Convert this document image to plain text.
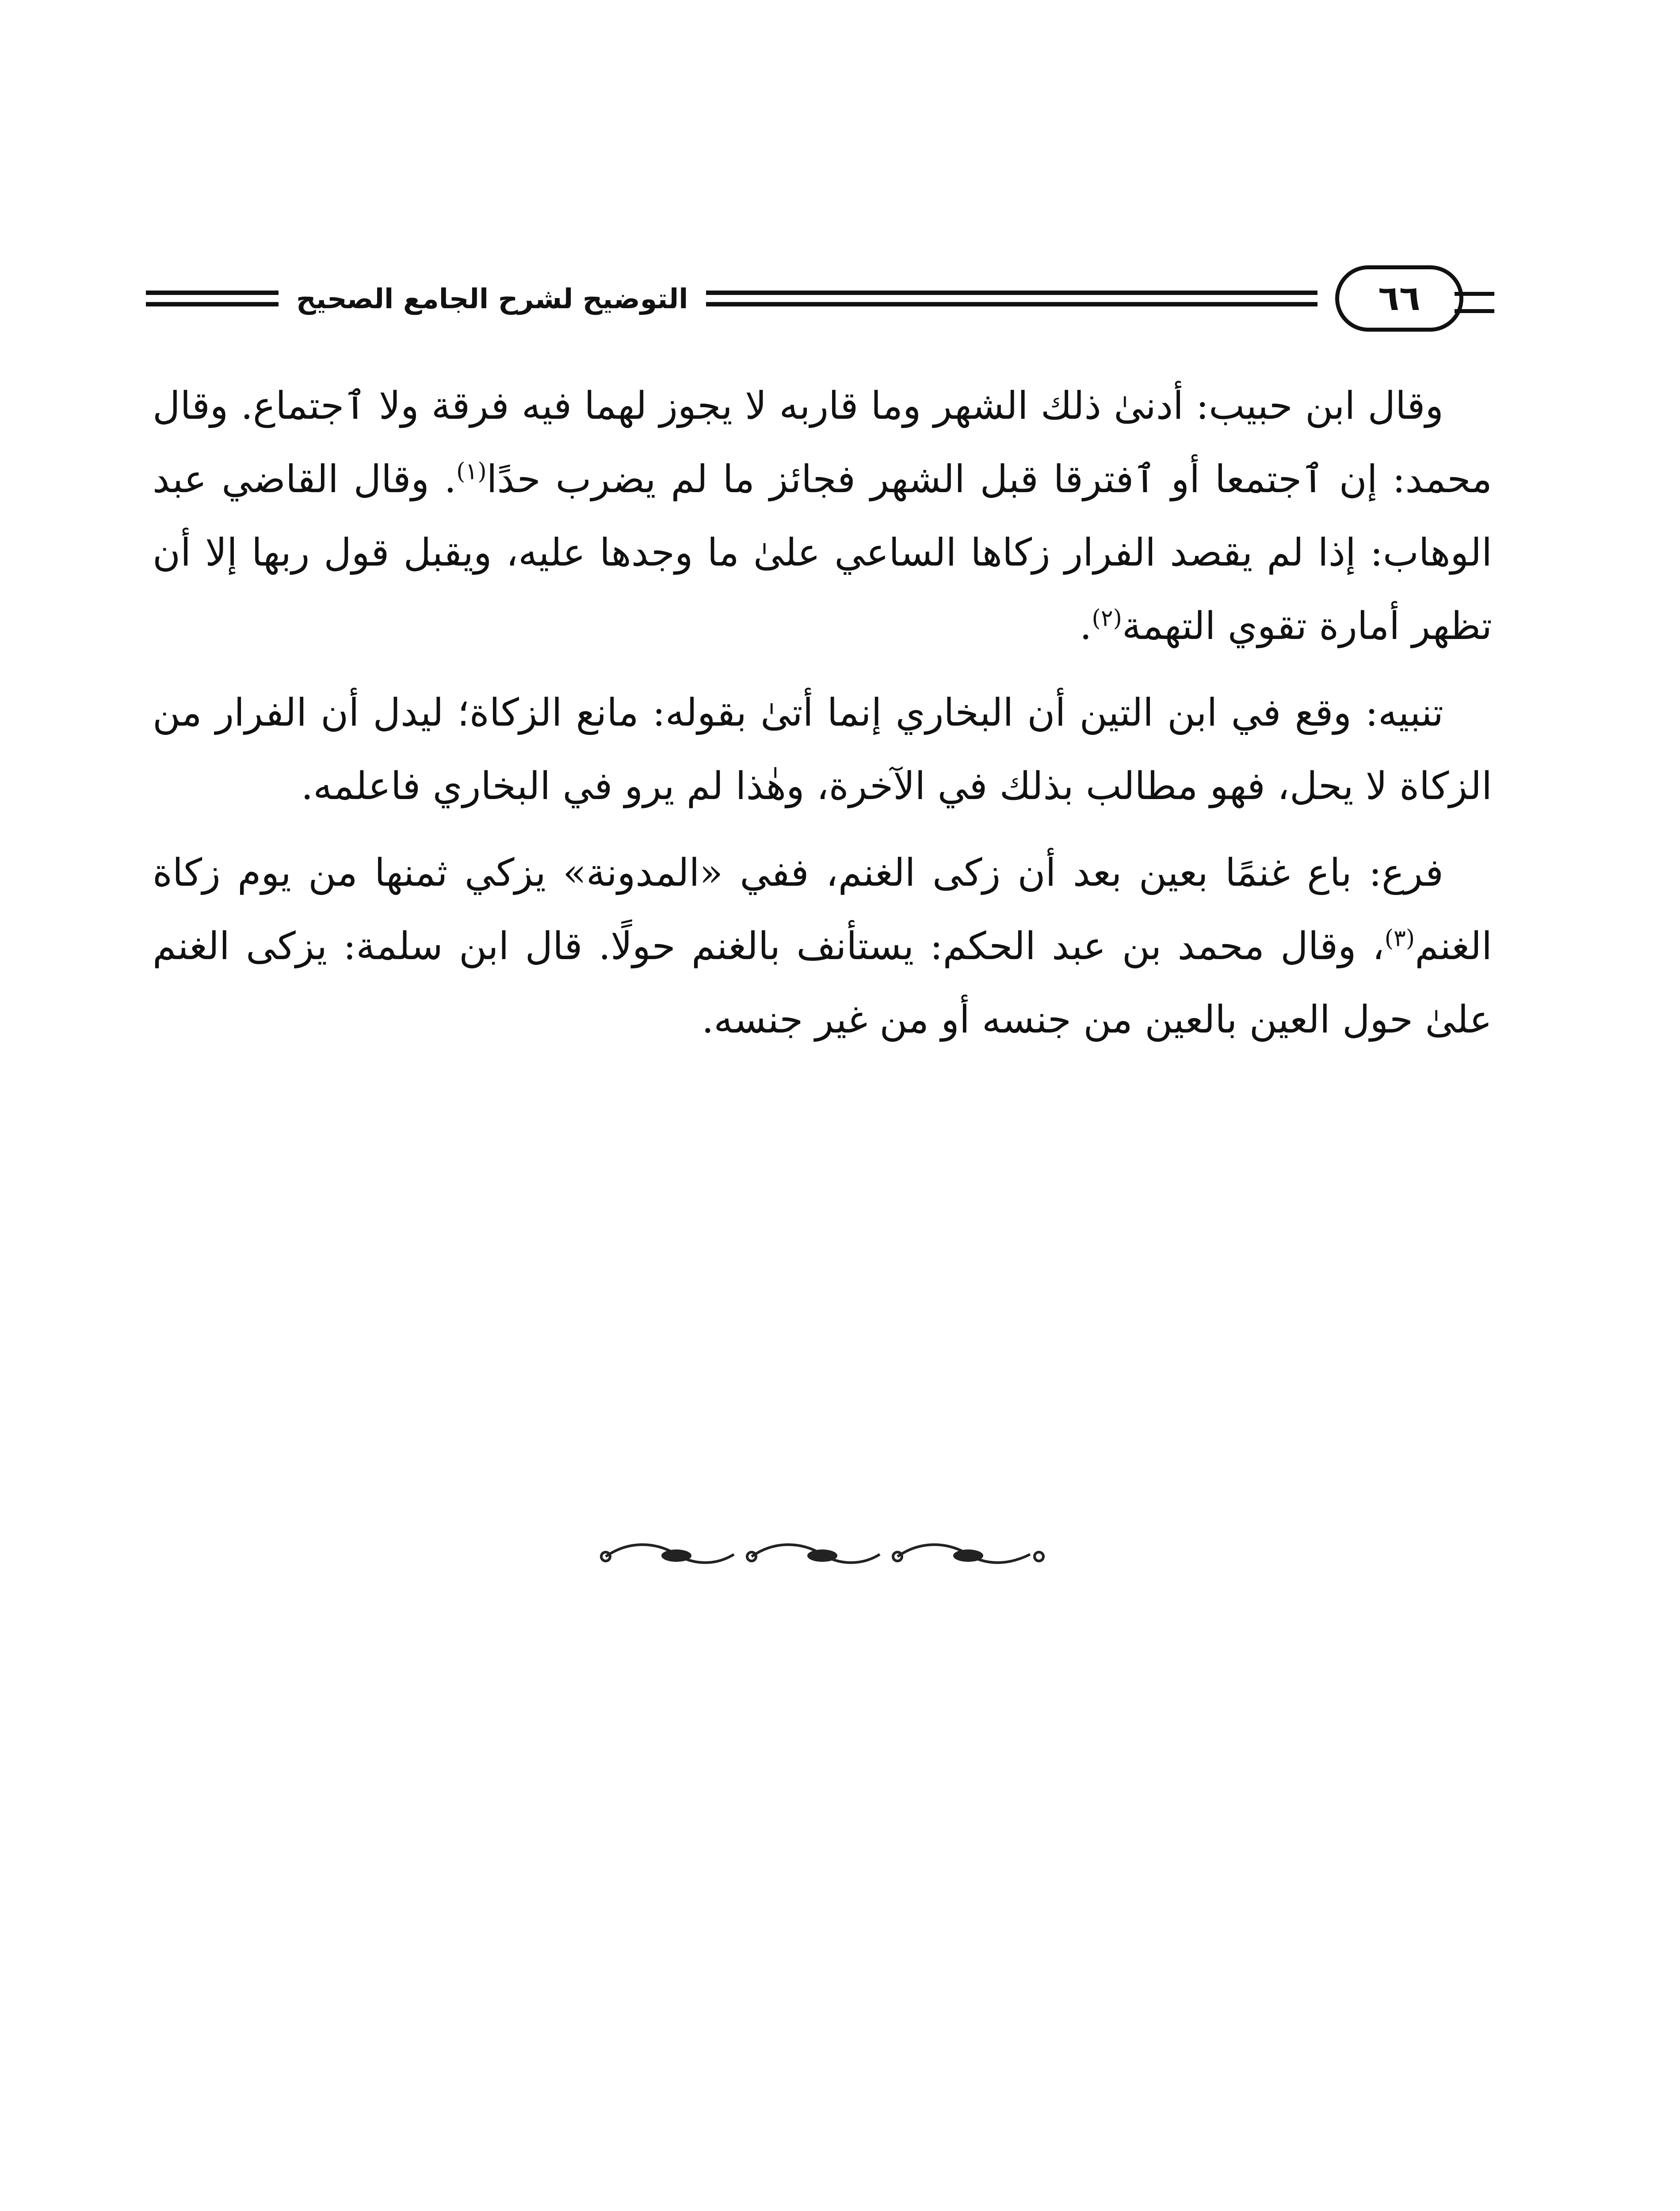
التوضيح لشرح الجامع الصحيح	٦٦

وقال ابن حبيب: أدنىٰ ذلك الشهر وما قاربه لا يجوز لهما فيه فرقة ولا ٱجتماع. وقال محمد: إن ٱجتمعا أو ٱفترقا قبل الشهر فجائز ما لم يضرب حدًا$^{(١)}$. وقال القاضي عبد الوهاب: إذا لم يقصد الفرار زكاها الساعي علىٰ ما وجدها عليه، ويقبل قول ربها إلا أن تظهر أمارة تقوي التهمة$^{(٢)}$.

تنبيه: وقع في ابن التين أن البخاري إنما أتىٰ بقوله: مانع الزكاة؛ ليدل أن الفرار من الزكاة لا يحل، فهو مطالب بذلك في الآخرة، وهٰذا لم يرو في البخاري فاعلمه.

فرع: باع غنمًا بعين بعد أن زكى الغنم، ففي «المدونة» يزكي ثمنها من يوم زكاة الغنم$^{(٣)}$، وقال محمد بن عبد الحكم: يستأنف بالغنم حولًا. قال ابن سلمة: يزكى الغنم علىٰ حول العين بالعين من جنسه أو من غير جنسه.
